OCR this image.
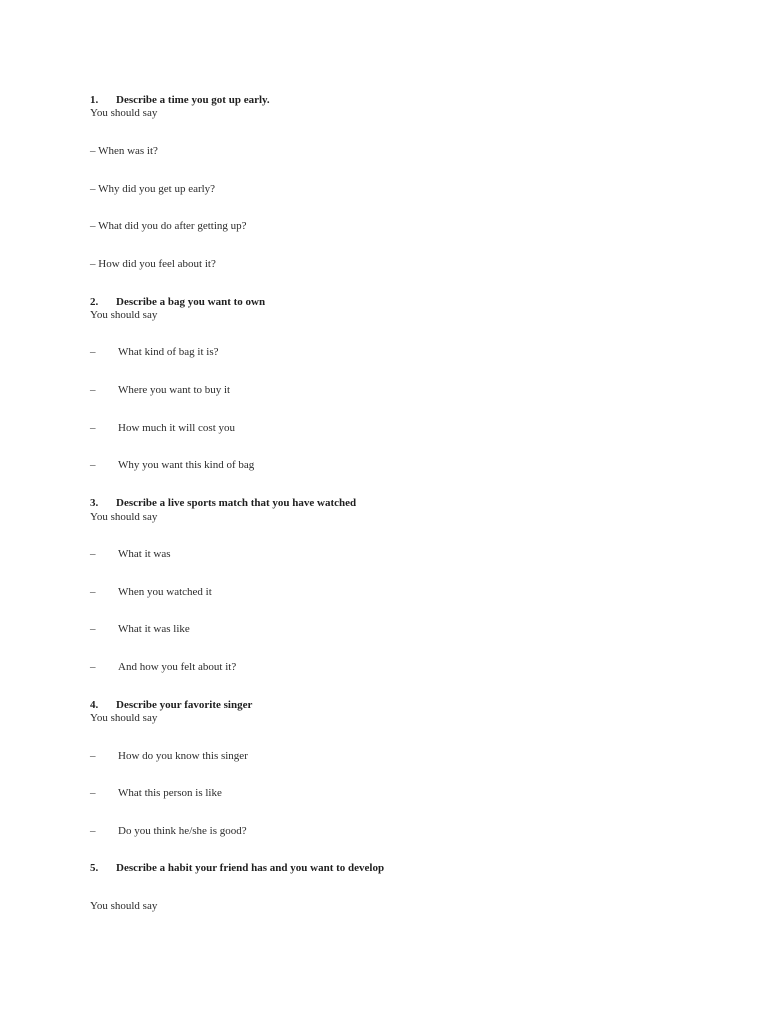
1. Describe a time you got up early.
You should say
– When was it?
– Why did you get up early?
– What did you do after getting up?
– How did you feel about it?
2. Describe a bag you want to own
You should say
– What kind of bag it is?
– Where you want to buy it
– How much it will cost you
– Why you want this kind of bag
3. Describe a live sports match that you have watched
You should say
– What it was
– When you watched it
– What it was like
– And how you felt about it?
4. Describe your favorite singer
You should say
– How do you know this singer
– What this person is like
– Do you think he/she is good?
5. Describe a habit your friend has and you want to develop
You should say
